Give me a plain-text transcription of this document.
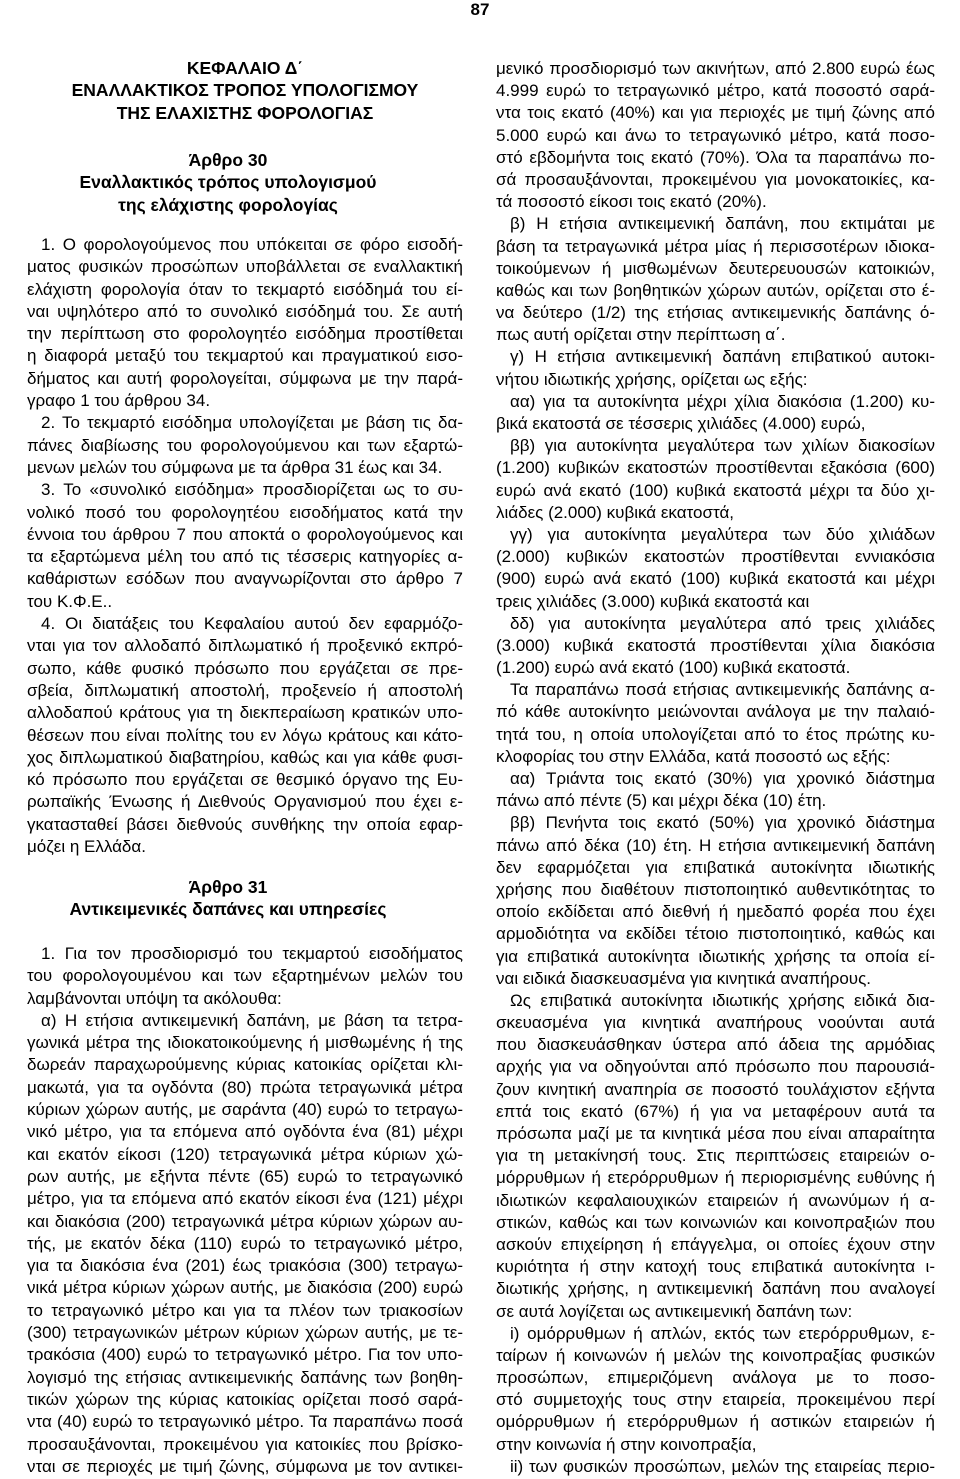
87
ΚΕΦΑΛΑΙΟ Δ΄
ΕΝΑΛΛΑΚΤΙΚΟΣ ΤΡΟΠΟΣ ΥΠΟΛΟΓΙΣΜΟΥ
ΤΗΣ ΕΛΑΧΙΣΤΗΣ ΦΟΡΟΛΟΓΙΑΣ
Άρθρο 30
Εναλλακτικός τρόπος υπολογισμού
της ελάχιστης φορολογίας
1. Ο φορολογούμενος που υπόκειται σε φόρο εισοδή-
ματος φυσικών προσώπων υποβάλλεται σε εναλλακτική
ελάχιστη φορολογία όταν το τεκμαρτό εισόδημά του εί-
ναι υψηλότερο από το συνολικό εισόδημά του. Σε αυτή
την περίπτωση στο φορολογητέο εισόδημα προστίθεται
η διαφορά μεταξύ του τεκμαρτού και πραγματικού εισο-
δήματος και αυτή φορολογείται, σύμφωνα με την παρά-
γραφο 1 του άρθρου 34.
2. Το τεκμαρτό εισόδημα υπολογίζεται με βάση τις δα-
πάνες διαβίωσης του φορολογούμενου και των εξαρτώ-
μενων μελών του σύμφωνα με τα άρθρα 31 έως και 34.
3. Το «συνολικό εισόδημα» προσδιορίζεται ως το συ-
νολικό ποσό του φορολογητέου εισοδήματος κατά την
έννοια του άρθρου 7 που αποκτά ο φορολογούμενος και
τα εξαρτώμενα μέλη του από τις τέσσερις κατηγορίες α-
καθάριστων εσόδων που αναγνωρίζονται στο άρθρο 7
του Κ.Φ.Ε..
4. Οι διατάξεις του Κεφαλαίου αυτού δεν εφαρμόζο-
νται για τον αλλοδαπό διπλωματικό ή προξενικό εκπρό-
σωπο, κάθε φυσικό πρόσωπο που εργάζεται σε πρε-
σβεία, διπλωματική αποστολή, προξενείο ή αποστολή
αλλοδαπού κράτους για τη διεκπεραίωση κρατικών υπο-
θέσεων που είναι πολίτης του εν λόγω κράτους και κάτο-
χος διπλωματικού διαβατηρίου, καθώς και για κάθε φυσι-
κό πρόσωπο που εργάζεται σε θεσμικό όργανο της Ευ-
ρωπαϊκής Ένωσης ή Διεθνούς Οργανισμού που έχει ε-
γκατασταθεί βάσει διεθνούς συνθήκης την οποία εφαρ-
μόζει η Ελλάδα.
Άρθρο 31
Αντικειμενικές δαπάνες και υπηρεσίες
1. Για τον προσδιορισμό του τεκμαρτού εισοδήματος
του φορολογουμένου και των εξαρτημένων μελών του
λαμβάνονται υπόψη τα ακόλουθα:
α) Η ετήσια αντικειμενική δαπάνη, με βάση τα τετρα-
γωνικά μέτρα της ιδιοκατοικούμενης ή μισθωμένης ή της
δωρεάν παραχωρούμενης κύριας κατοικίας ορίζεται κλι-
μακωτά, για τα ογδόντα (80) πρώτα τετραγωνικά μέτρα
κύριων χώρων αυτής, με σαράντα (40) ευρώ το τετραγω-
νικό μέτρο, για τα επόμενα από ογδόντα ένα (81) μέχρι
και εκατόν είκοσι (120) τετραγωνικά μέτρα κύριων χώ-
ρων αυτής, με εξήντα πέντε (65) ευρώ το τετραγωνικό
μέτρο, για τα επόμενα από εκατόν είκοσι ένα (121) μέχρι
και διακόσια (200) τετραγωνικά μέτρα κύριων χώρων αυ-
τής, με εκατόν δέκα (110) ευρώ το τετραγωνικό μέτρο,
για τα διακόσια ένα (201) έως τριακόσια (300) τετραγω-
νικά μέτρα κύριων χώρων αυτής, με διακόσια (200) ευρώ
το τετραγωνικό μέτρο και για τα πλέον των τριακοσίων
(300) τετραγωνικών μέτρων κύριων χώρων αυτής, με τε-
τρακόσια (400) ευρώ το τετραγωνικό μέτρο. Για τον υπο-
λογισμό της ετήσιας αντικειμενικής δαπάνης των βοηθη-
τικών χώρων της κύριας κατοικίας ορίζεται ποσό σαρά-
ντα (40) ευρώ το τετραγωνικό μέτρο. Τα παραπάνω ποσά
προσαυξάνονται, προκειμένου για κατοικίες που βρίσκο-
νται σε περιοχές με τιμή ζώνης, σύμφωνα με τον αντικει-
μενικό προσδιορισμό των ακινήτων, από 2.800 ευρώ έως
4.999 ευρώ το τετραγωνικό μέτρο, κατά ποσοστό σαρά-
ντα τοις εκατό (40%) και για περιοχές με τιμή ζώνης από
5.000 ευρώ και άνω το τετραγωνικό μέτρο, κατά ποσο-
στό εβδομήντα τοις εκατό (70%). Όλα τα παραπάνω πο-
σά προσαυξάνονται, προκειμένου για μονοκατοικίες, κα-
τά ποσοστό είκοσι τοις εκατό (20%).
β) Η ετήσια αντικειμενική δαπάνη, που εκτιμάται με
βάση τα τετραγωνικά μέτρα μίας ή περισσοτέρων ιδιοκα-
τοικούμενων ή μισθωμένων δευτερευουσών κατοικιών,
καθώς και των βοηθητικών χώρων αυτών, ορίζεται στο έ-
να δεύτερο (1/2) της ετήσιας αντικειμενικής δαπάνης ό-
πως αυτή ορίζεται στην περίπτωση α΄.
γ) Η ετήσια αντικειμενική δαπάνη επιβατικού αυτοκι-
νήτου ιδιωτικής χρήσης, ορίζεται ως εξής:
αα) για τα αυτοκίνητα μέχρι χίλια διακόσια (1.200) κυ-
βικά εκατοστά σε τέσσερις χιλιάδες (4.000) ευρώ,
ββ) για αυτοκίνητα μεγαλύτερα των χιλίων διακοσίων
(1.200) κυβικών εκατοστών προστίθενται εξακόσια (600)
ευρώ ανά εκατό (100) κυβικά εκατοστά μέχρι τα δύο χι-
λιάδες (2.000) κυβικά εκατοστά,
γγ) για αυτοκίνητα μεγαλύτερα των δύο χιλιάδων
(2.000) κυβικών εκατοστών προστίθενται εννιακόσια
(900) ευρώ ανά εκατό (100) κυβικά εκατοστά και μέχρι
τρεις χιλιάδες (3.000) κυβικά εκατοστά και
δδ) για αυτοκίνητα μεγαλύτερα από τρεις χιλιάδες
(3.000) κυβικά εκατοστά προστίθενται χίλια διακόσια
(1.200) ευρώ ανά εκατό (100) κυβικά εκατοστά.
Τα παραπάνω ποσά ετήσιας αντικειμενικής δαπάνης α-
πό κάθε αυτοκίνητο μειώνονται ανάλογα με την παλαιό-
τητά του, η οποία υπολογίζεται από το έτος πρώτης κυ-
κλοφορίας του στην Ελλάδα, κατά ποσοστό ως εξής:
αα) Τριάντα τοις εκατό (30%) για χρονικό διάστημα
πάνω από πέντε (5) και μέχρι δέκα (10) έτη.
ββ) Πενήντα τοις εκατό (50%) για χρονικό διάστημα
πάνω από δέκα (10) έτη. Η ετήσια αντικειμενική δαπάνη
δεν εφαρμόζεται για επιβατικά αυτοκίνητα ιδιωτικής
χρήσης που διαθέτουν πιστοποιητικό αυθεντικότητας το
οποίο εκδίδεται από διεθνή ή ημεδαπό φορέα που έχει
αρμοδιότητα να εκδίδει τέτοιο πιστοποιητικό, καθώς και
για επιβατικά αυτοκίνητα ιδιωτικής χρήσης τα οποία εί-
ναι ειδικά διασκευασμένα για κινητικά αναπήρους.
Ως επιβατικά αυτοκίνητα ιδιωτικής χρήσης ειδικά δια-
σκευασμένα για κινητικά αναπήρους νοούνται αυτά
που διασκευάσθηκαν ύστερα από άδεια της αρμόδιας
αρχής για να οδηγούνται από πρόσωπο που παρουσιά-
ζουν κινητική αναπηρία σε ποσοστό τουλάχιστον εξήντα
επτά τοις εκατό (67%) ή για να μεταφέρουν αυτά τα
πρόσωπα μαζί με τα κινητικά μέσα που είναι απαραίτητα
για τη μετακίνησή τους. Στις περιπτώσεις εταιρειών ο-
μόρρυθμων ή ετερόρρυθμων ή περιορισμένης ευθύνης ή
ιδιωτικών κεφαλαιουχικών εταιρειών ή ανωνύμων ή α-
στικών, καθώς και των κοινωνιών και κοινοπραξιών που
ασκούν επιχείρηση ή επάγγελμα, οι οποίες έχουν στην
κυριότητα ή στην κατοχή τους επιβατικά αυτοκίνητα ι-
διωτικής χρήσης, η αντικειμενική δαπάνη που αναλογεί
σε αυτά λογίζεται ως αντικειμενική δαπάνη των:
i) ομόρρυθμων ή απλών, εκτός των ετερόρρυθμων, ε-
ταίρων ή κοινωνών ή μελών της κοινοπραξίας φυσικών
προσώπων, επιμεριζόμενη ανάλογα με το ποσο-
στό συμμετοχής τους στην εταιρεία, προκειμένου περί
ομόρρυθμων ή ετερόρρυθμων ή αστικών εταιρειών ή
στην κοινωνία ή στην κοινοπραξία,
ii) των φυσικών προσώπων, μελών της εταιρείας περιο-
